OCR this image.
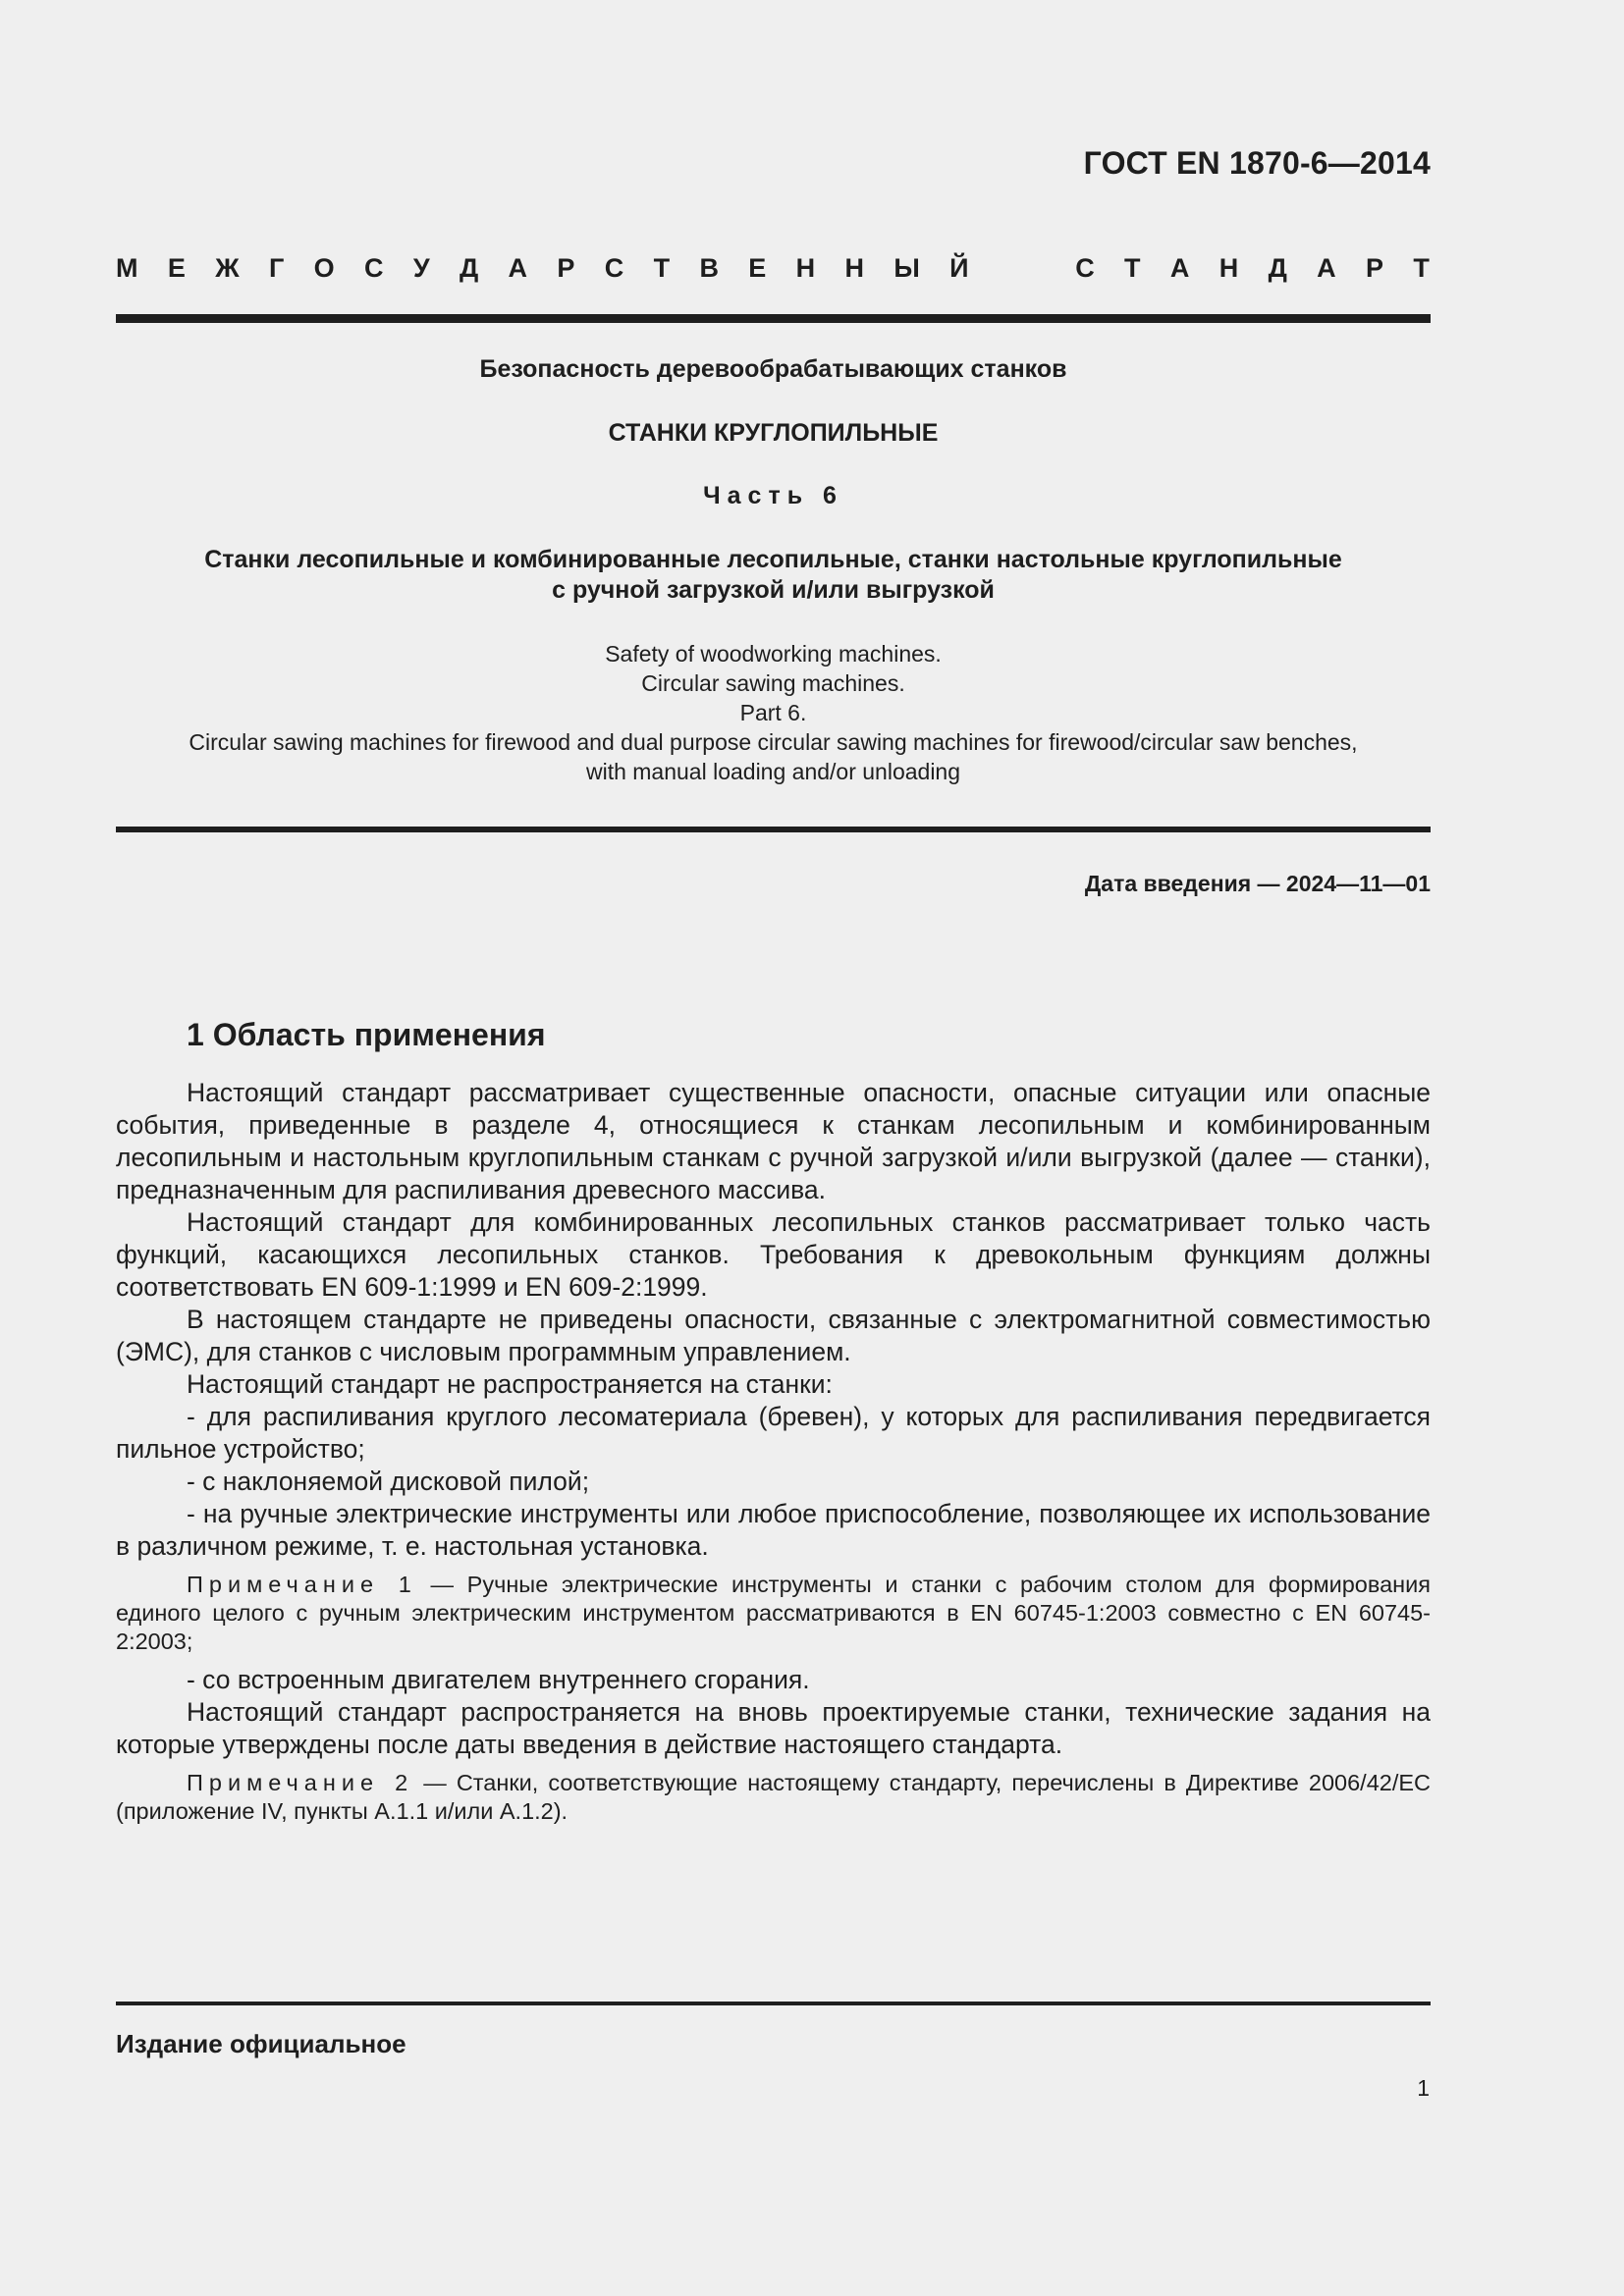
ГОСТ EN 1870-6—2014
М Е Ж Г О С У Д А Р С Т В Е Н Н Ы Й	С Т А Н Д А Р Т
Безопасность деревообрабатывающих станков
СТАНКИ КРУГЛОПИЛЬНЫЕ
Часть 6
Станки лесопильные и комбинированные лесопильные, станки настольные круглопильные
с ручной загрузкой и/или выгрузкой
Safety of woodworking machines.
Circular sawing machines.
Part 6.
Circular sawing machines for firewood and dual purpose circular sawing machines for firewood/circular saw benches,
with manual loading and/or unloading
Дата введения — 2024—11—01
1 Область применения

Настоящий стандарт рассматривает существенные опасности, опасные ситуации или опасные события, приведенные в разделе 4, относящиеся к станкам лесопильным и комбинированным лесопильным и настольным круглопильным станкам с ручной загрузкой и/или выгрузкой (далее — станки), предназначенным для распиливания древесного массива.

Настоящий стандарт для комбинированных лесопильных станков рассматривает только часть функций, касающихся лесопильных станков. Требования к древокольным функциям должны соответствовать EN 609-1:1999 и EN 609-2:1999.

В настоящем стандарте не приведены опасности, связанные с электромагнитной совместимостью (ЭМС), для станков с числовым программным управлением.

Настоящий стандарт не распространяется на станки:

- для распиливания круглого лесоматериала (бревен), у которых для распиливания передвигается пильное устройство;

- с наклоняемой дисковой пилой;

- на ручные электрические инструменты или любое приспособление, позволяющее их использование в различном режиме, т. е. настольная установка.

Примечание 1 — Ручные электрические инструменты и станки с рабочим столом для формирования единого целого с ручным электрическим инструментом рассматриваются в EN 60745-1:2003 совместно с EN 60745-2:2003;

- со встроенным двигателем внутреннего сгорания.

Настоящий стандарт распространяется на вновь проектируемые станки, технические задания на которые утверждены после даты введения в действие настоящего стандарта.

Примечание 2 — Станки, соответствующие настоящему стандарту, перечислены в Директиве 2006/42/EC (приложение IV, пункты А.1.1 и/или А.1.2).

Издание официальное
1
